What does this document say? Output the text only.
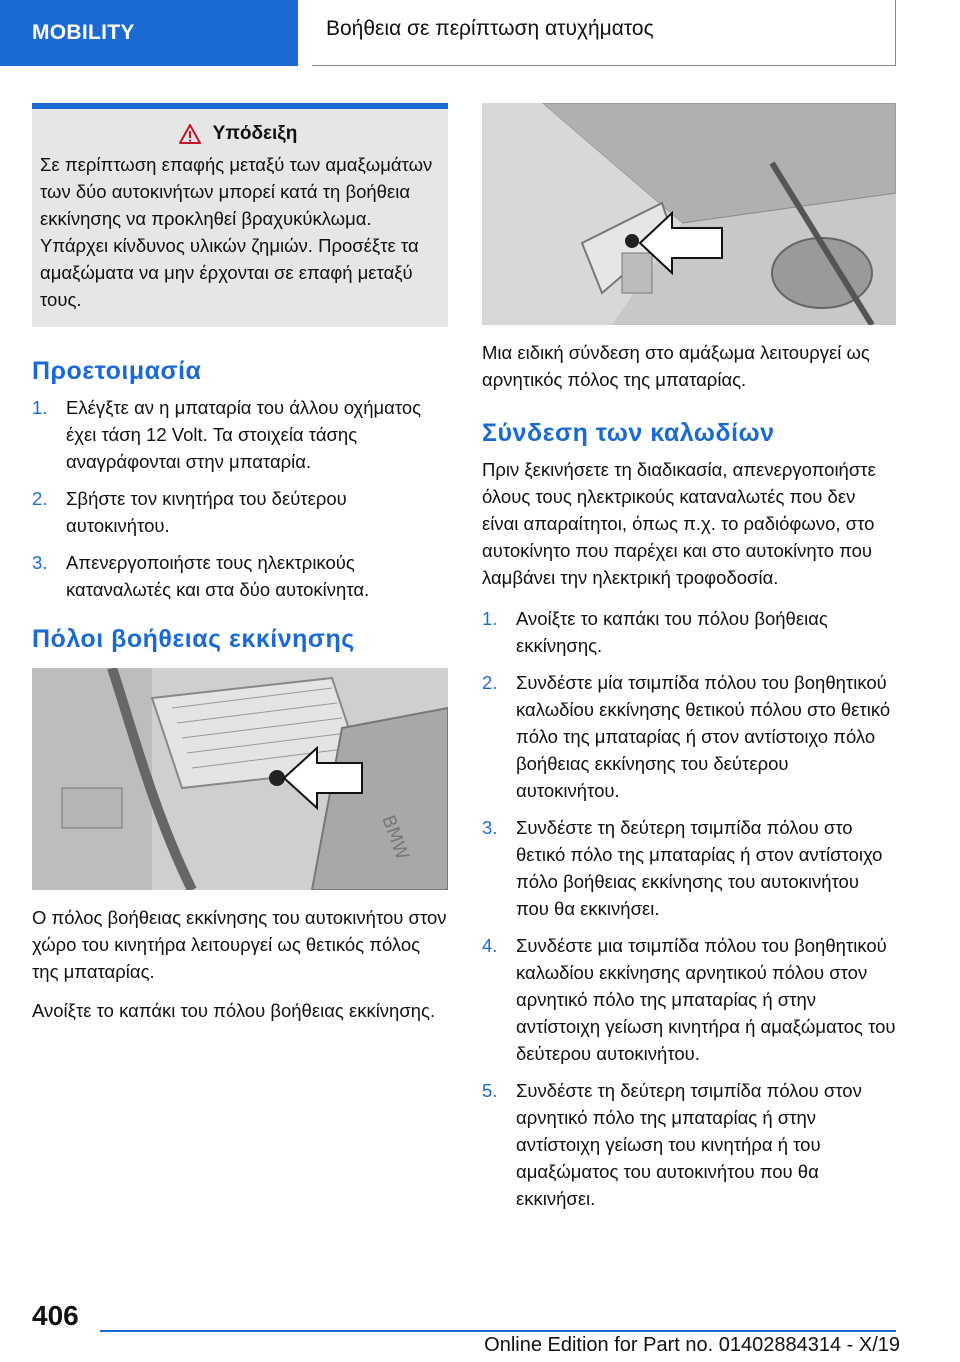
MOBILITY	Βοήθεια σε περίπτωση ατυχήματος
Υπόδειξη

Σε περίπτωση επαφής μεταξύ των αμαξωμάτων των δύο αυτοκινήτων μπορεί κατά τη βοήθεια εκκίνησης να προκληθεί βραχυκύκλωμα. Υπάρχει κίνδυνος υλικών ζημιών. Προσέξτε τα αμαξώματα να μην έρχονται σε επαφή μεταξύ τους.

Προετοιμασία
1. Ελέγξτε αν η μπαταρία του άλλου οχήματος έχει τάση 12 Volt. Τα στοιχεία τάσης αναγράφονται στην μπαταρία.
2. Σβήστε τον κινητήρα του δεύτερου αυτοκινήτου.
3. Απενεργοποιήστε τους ηλεκτρικούς καταναλωτές και στα δύο αυτοκίνητα.
Πόλοι βοήθειας εκκίνησης
BMW

Ο πόλος βοήθειας εκκίνησης του αυτοκινήτου στον χώρο του κινητήρα λειτουργεί ως θετικός πόλος της μπαταρίας.

Ανοίξτε το καπάκι του πόλου βοήθειας εκκίνησης.

Μια ειδική σύνδεση στο αμάξωμα λειτουργεί ως αρνητικός πόλος της μπαταρίας.

Σύνδεση των καλωδίων

Πριν ξεκινήσετε τη διαδικασία, απενεργοποιήστε όλους τους ηλεκτρικούς καταναλωτές που δεν είναι απαραίτητοι, όπως π.χ. το ραδιόφωνο, στο αυτοκίνητο που παρέχει και στο αυτοκίνητο που λαμβάνει την ηλεκτρική τροφοδοσία.

1. Ανοίξτε το καπάκι του πόλου βοήθειας εκκίνησης.
2. Συνδέστε μία τσιμπίδα πόλου του βοηθητικού καλωδίου εκκίνησης θετικού πόλου στο θετικό πόλο της μπαταρίας ή στον αντίστοιχο πόλο βοήθειας εκκίνησης του δεύτερου αυτοκινήτου.
3. Συνδέστε τη δεύτερη τσιμπίδα πόλου στο θετικό πόλο της μπαταρίας ή στον αντίστοιχο πόλο βοήθειας εκκίνησης του αυτοκινήτου που θα εκκινήσει.
4. Συνδέστε μια τσιμπίδα πόλου του βοηθητικού καλωδίου εκκίνησης αρνητικού πόλου στον αρνητικό πόλο της μπαταρίας ή στην αντίστοιχη γείωση κινητήρα ή αμαξώματος του δεύτερου αυτοκινήτου.
5. Συνδέστε τη δεύτερη τσιμπίδα πόλου στον αρνητικό πόλο της μπαταρίας ή στην αντίστοιχη γείωση του κινητήρα ή του αμαξώματος του αυτοκινήτου που θα εκκινήσει.
406
Online Edition for Part no. 01402884314 - X/19
